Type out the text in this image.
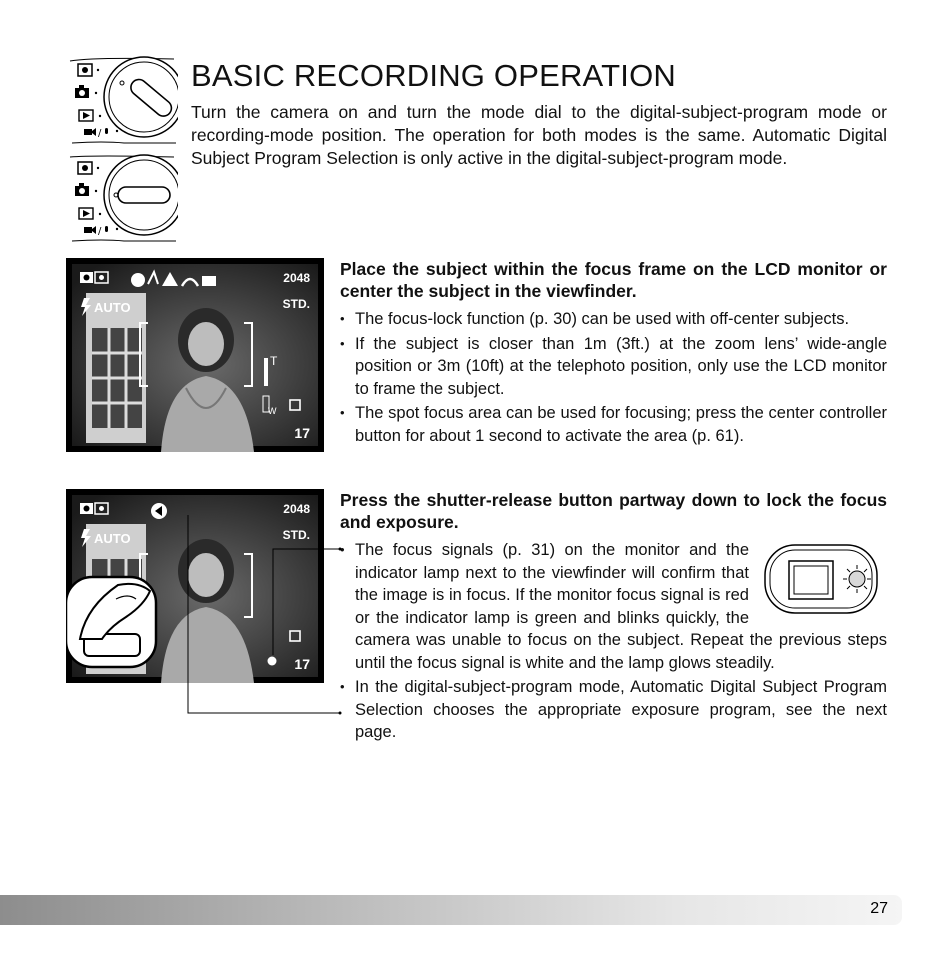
/
/
BASIC RECORDING OPERATION

Turn the camera on and turn the mode dial to the digital-subject-program mode or recording-mode position. The operation for both modes is the same. Automatic Digital Subject Program Selection is only active in the digital-subject-program mode.

2048
STD.
AUTO
T
W
17
2048
STD.
AUTO
17
Place the subject within the focus frame on the LCD monitor or center the subject in the viewfinder.
• The focus-lock function (p. 30) can be used with off-center subjects.
• If the subject is closer than 1m (3ft.) at the zoom lens’ wide-angle position or 3m (10ft) at the telephoto position, only use the LCD monitor to frame the subject.
• The spot focus area can be used for focusing; press the center controller button for about 1 second to activate the area (p. 61).
Press the shutter-release button partway down to lock the focus and exposure.
• The focus signals (p. 31) on the monitor and the indicator lamp next to the viewfinder will confirm that the image is in focus. If the monitor focus signal is red or the indicator lamp is green and blinks quickly, the camera was unable to focus on the subject. Repeat the previous steps until the focus signal is white and the lamp glows steadily.
• In the digital-subject-program mode, Automatic Digital Subject Program Selection chooses the appropriate exposure program, see the next page.
27
